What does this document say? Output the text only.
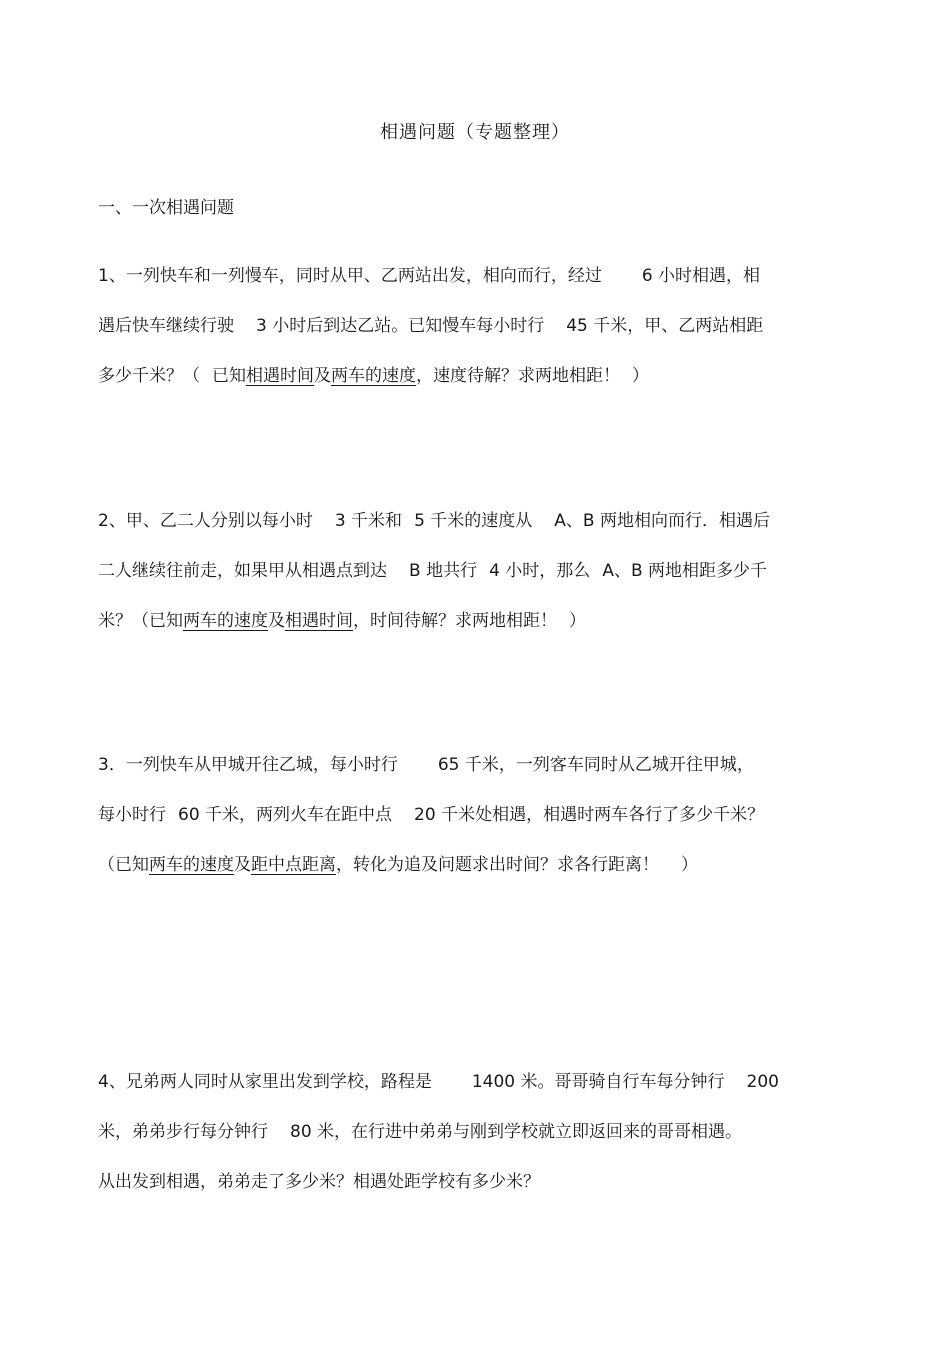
相遇问题（专题整理）
一、一次相遇问题
1、一列快车和一列慢车，同时从甲、乙两站出发，相向而行，经过 6 小时相遇，相
遇后快车继续行驶 3 小时后到达乙站。已知慢车每小时行 45 千米，甲、乙两站相距
多少千米？（ 已知相遇时间及两车的速度，速度待解？求两地相距！ ）
2、甲、乙二人分别以每小时 3 千米和 5 千米的速度从 A、B 两地相向而行．相遇后
二人继续往前走，如果甲从相遇点到达 B 地共行 4 小时，那么 A、B 两地相距多少千
米？（已知两车的速度及相遇时间，时间待解？求两地相距！ ）
3．一列快车从甲城开往乙城，每小时行 65 千米，一列客车同时从乙城开往甲城，
每小时行 60 千米，两列火车在距中点 20 千米处相遇，相遇时两车各行了多少千米？
（已知两车的速度及距中点距离，转化为追及问题求出时间？求各行距离！ ）
4、兄弟两人同时从家里出发到学校，路程是 1400 米。哥哥骑自行车每分钟行 200
米，弟弟步行每分钟行 80 米，在行进中弟弟与刚到学校就立即返回来的哥哥相遇。
从出发到相遇，弟弟走了多少米？相遇处距学校有多少米？
